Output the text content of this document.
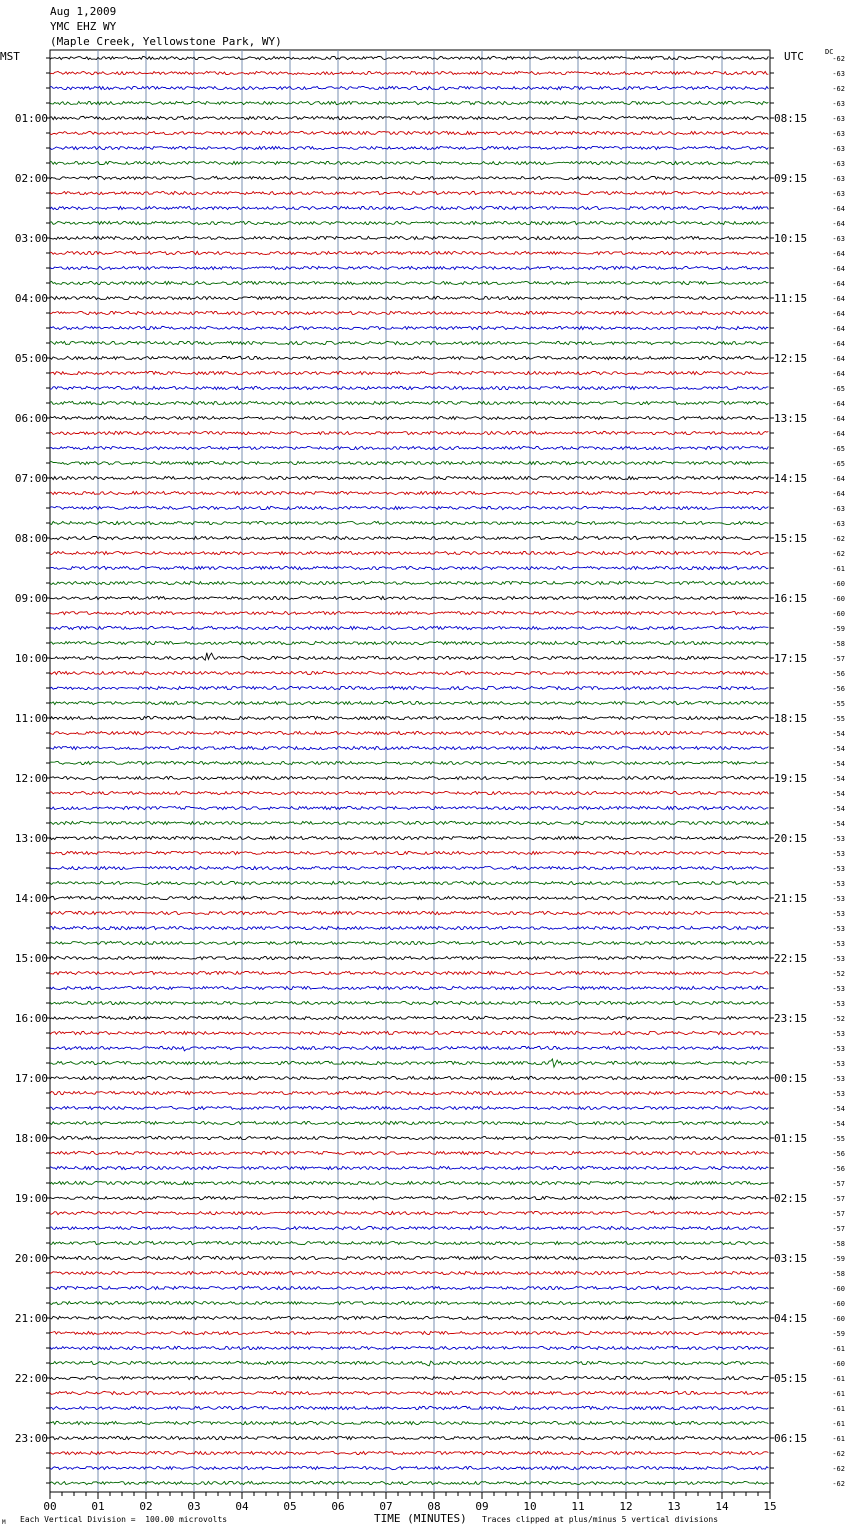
Aug 1,2009
YMC EHZ WY
(Maple Creek, Yellowstone Park, WY)
MST	UTC	DC
00	01	02	03	04	05	06	07	08	09	10	11	12	13	14	15
-62
-63
-62
-63
-63
-63
-63
-63
-63
-63
-64
-64
-63
-64
-64
-64
-64
-64
-64
-64
-64
-64
-65
-64
-64
-64
-65
-65
-64
-64
-63
-63
-62
-62
-61
-60
-60
-60
-59
-58
-57
-56
-56
-55
-55
-54
-54
-54
-54
-54
-54
-54
-53
-53
-53
-53
-53
-53
-53
-53
-53
-52
-53
-53
-52
-53
-53
-53
-53
-53
-54
-54
-55
-56
-56
-57
-57
-57
-57
-58
-59
-58
-60
-60
-60
-59
-61
-60
-61
-61
-61
-61
-61
-62
-62
-62
01:00	08:15
02:00	09:15
03:00	10:15
04:00	11:15
05:00	12:15
06:00	13:15
07:00	14:15
08:00	15:15
09:00	16:15
10:00	17:15
11:00	18:15
12:00	19:15
13:00	20:15
14:00	21:15
15:00	22:15
16:00	23:15
17:00	00:15
18:00	01:15
19:00	02:15
20:00	03:15
21:00	04:15
22:00	05:15
23:00	06:15
M Each Vertical Division =  100.00 microvolts	TIME (MINUTES) Traces clipped at plus/minus 5 vertical divisions
